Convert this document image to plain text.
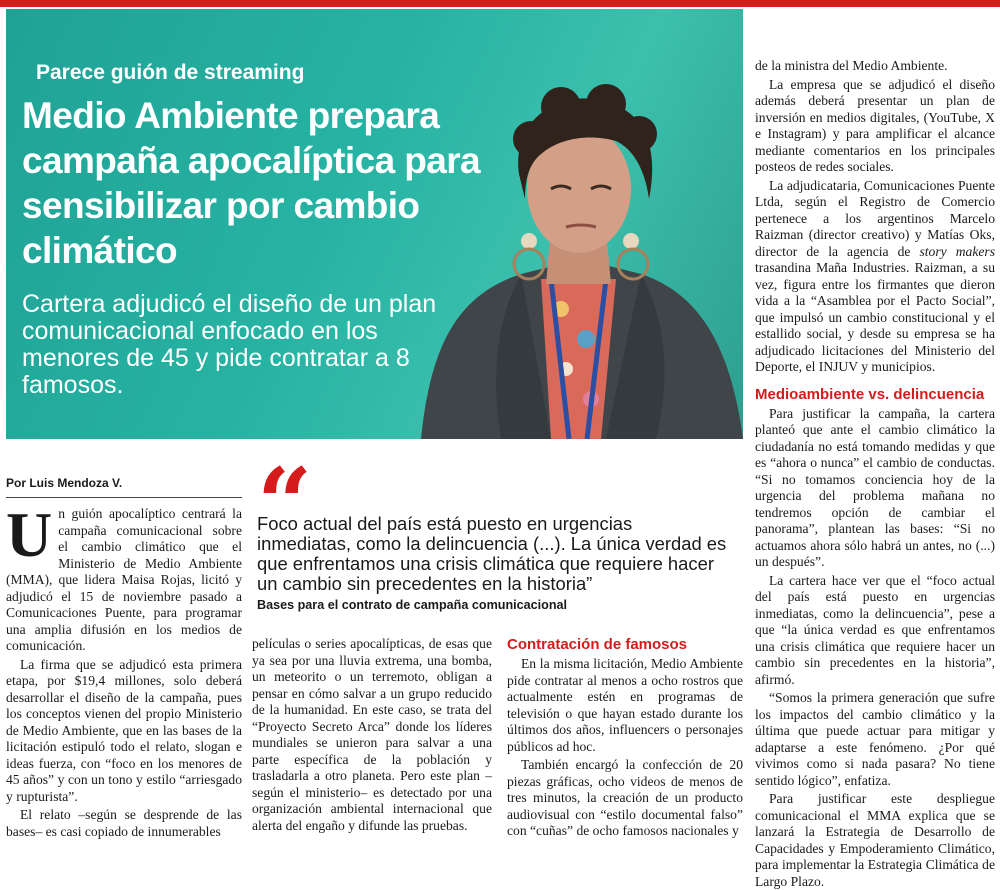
Parece guión de streaming
Medio Ambiente prepara campaña apocalíptica para sensibilizar por cambio climático
Cartera adjudicó el diseño de un plan comunicacional enfocado en los menores de 45 y pide contratar a 8 famosos.
Por Luis Mendoza V.

Un guión apocalíptico centrará la campaña comunicacional sobre el cambio climático que el Ministerio de Medio Ambiente (MMA), que lidera Maisa Rojas, licitó y adjudicó el 15 de noviembre pasado a Comunicaciones Puente, para programar una amplia difusión en los medios de comunicación.

La firma que se adjudicó esta primera etapa, por $19,4 millones, solo deberá desarrollar el diseño de la campaña, pues los conceptos vienen del propio Ministerio de Medio Ambiente, que en las bases de la licitación estipuló todo el relato, slogan e ideas fuerza, con “foco en los menores de 45 años” y con un tono y estilo “arriesgado y rupturista”.

El relato –según se desprende de las bases– es casi copiado de innumerables

“
Foco actual del país está puesto en urgencias inmediatas, como la delincuencia (...). La única verdad es que enfrentamos una crisis climática que requiere hacer un cambio sin precedentes en la historia”
Bases para el contrato de campaña comunicacional

películas o series apocalípticas, de esas que ya sea por una lluvia extrema, una bomba, un meteorito o un terremoto, obligan a pensar en cómo salvar a un grupo reducido de la humanidad. En este caso, se trata del “Proyecto Secreto Arca” donde los líderes mundiales se unieron para salvar a una parte específica de la población y trasladarla a otro planeta. Pero este plan –según el ministerio– es detectado por una organización ambiental internacional que alerta del engaño y difunde las pruebas.

Contratación de famosos

En la misma licitación, Medio Ambiente pide contratar al menos a ocho rostros que actualmente estén en programas de televisión o que hayan estado durante los últimos dos años, influencers o personajes públicos ad hoc.

También encargó la confección de 20 piezas gráficas, ocho videos de menos de tres minutos, la creación de un producto audiovisual con “estilo documental falso” con “cuñas” de ocho famosos nacionales y

de la ministra del Medio Ambiente.

La empresa que se adjudicó el diseño además deberá presentar un plan de inversión en medios digitales, (YouTube, X e Instagram) y para amplificar el alcance mediante comentarios en los principales posteos de redes sociales.

La adjudicataria, Comunicaciones Puente Ltda, según el Registro de Comercio pertenece a los argentinos Marcelo Raizman (director creativo) y Matías Oks, director de la agencia de story makers trasandina Maña Industries. Raizman, a su vez, figura entre los firmantes que dieron vida a la “Asamblea por el Pacto Social”, que impulsó un cambio constitucional y el estallido social, y desde su empresa se ha adjudicado licitaciones del Ministerio del Deporte, el INJUV y municipios.

Medioambiente vs. delincuencia

Para justificar la campaña, la cartera planteó que ante el cambio climático la ciudadanía no está tomando medidas y que es “ahora o nunca” el cambio de conductas. “Si no tomamos conciencia hoy de la urgencia del problema mañana no tendremos opción de cambiar el panorama”, plantean las bases: “Si no actuamos ahora sólo habrá un antes, no (...) un después”.

La cartera hace ver que el “foco actual del país está puesto en urgencias inmediatas, como la delincuencia”, pese a que “la única verdad es que enfrentamos una crisis climática que requiere hacer un cambio sin precedentes en la historia”, afirmó.

“Somos la primera generación que sufre los impactos del cambio climático y la última que puede actuar para mitigar y adaptarse a este fenómeno. ¿Por qué vivimos como si nada pasara? No tiene sentido lógico”, enfatiza.

Para justificar este despliegue comunicacional el MMA explica que se lanzará la Estrategia de Desarrollo de Capacidades y Empoderamiento Climático, para implementar la Estrategia Climática de Largo Plazo.
